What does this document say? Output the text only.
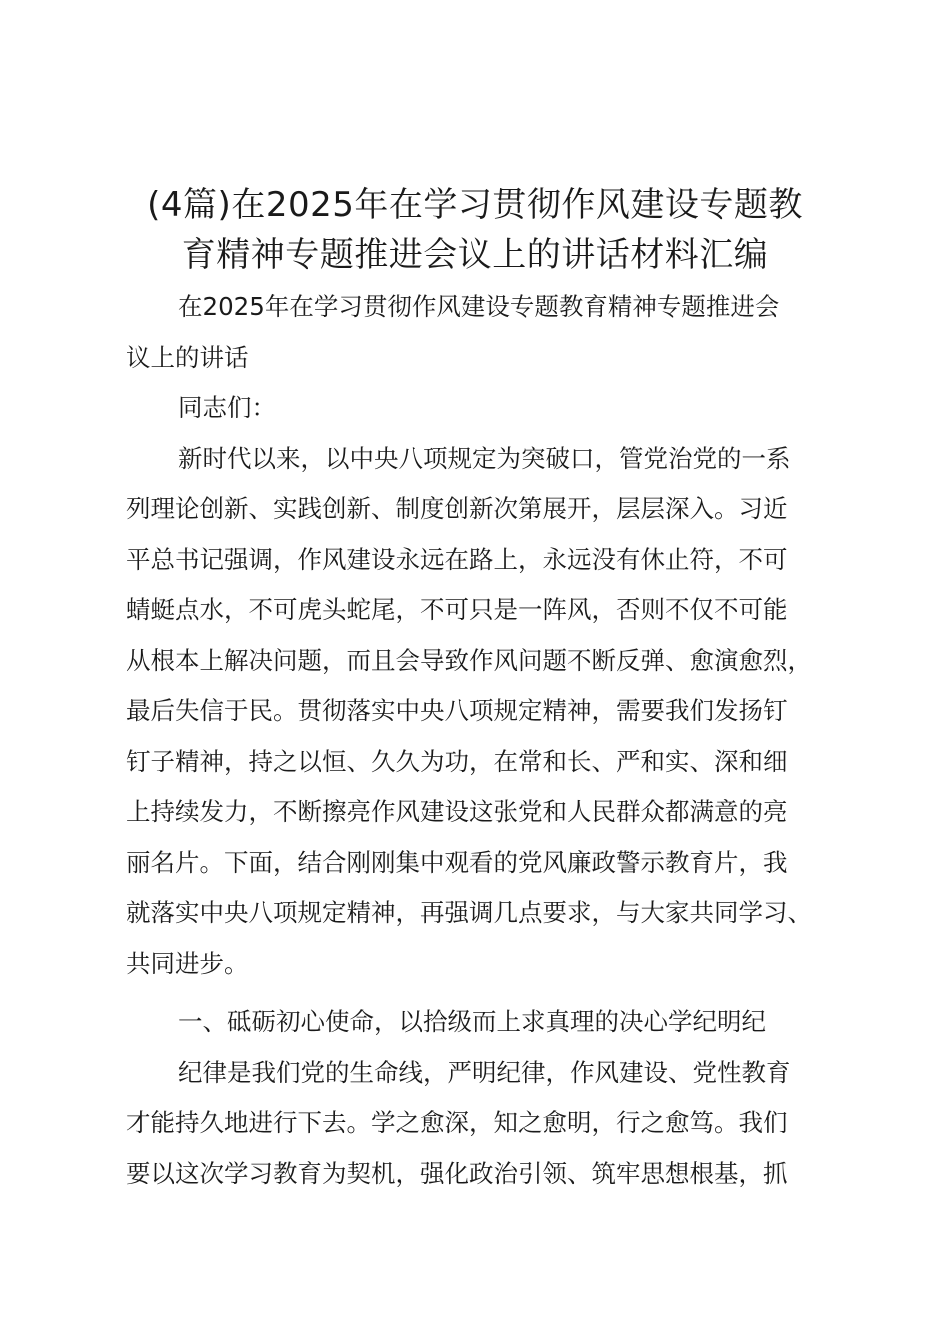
(4篇)在2025年在学习贯彻作风建设专题教
育精神专题推进会议上的讲话材料汇编
在2025年在学习贯彻作风建设专题教育精神专题推进会
议上的讲话
同志们：
新时代以来，以中央八项规定为突破口，管党治党的一系
列理论创新、实践创新、制度创新次第展开，层层深入。习近
平总书记强调，作风建设永远在路上，永远没有休止符，不可
蜻蜓点水，不可虎头蛇尾，不可只是一阵风，否则不仅不可能
从根本上解决问题，而且会导致作风问题不断反弹、愈演愈烈，
最后失信于民。贯彻落实中央八项规定精神，需要我们发扬钉
钉子精神，持之以恒、久久为功，在常和长、严和实、深和细
上持续发力，不断擦亮作风建设这张党和人民群众都满意的亮
丽名片。下面，结合刚刚集中观看的党风廉政警示教育片，我
就落实中央八项规定精神，再强调几点要求，与大家共同学习、
共同进步。
一、砥砺初心使命，以拾级而上求真理的决心学纪明纪
纪律是我们党的生命线，严明纪律，作风建设、党性教育
才能持久地进行下去。学之愈深，知之愈明，行之愈笃。我们
要以这次学习教育为契机，强化政治引领、筑牢思想根基，抓
